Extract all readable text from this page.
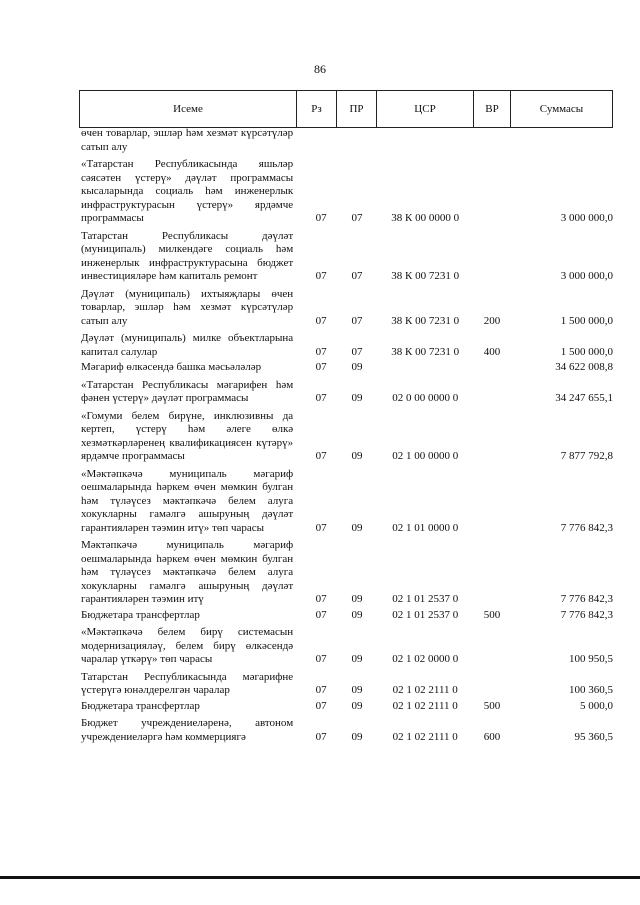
86
Исеме	Рз	ПР	ЦСР	ВР	Суммасы
өчен товарлар, эшләр һәм хезмәт күрсәтүләр сатып алу
«Татарстан Республикасында яшьләр сәясәтен үстерү» дәүләт программасы кысаларында социаль һәм инженерлык инфраструктурасын үстерү» ярдәмче программасы	07	07	38 К 00 0000 0	3 000 000,0
Татарстан Республикасы дәүләт (муниципаль) милкендәге социаль һәм инженерлык инфраструктурасына бюджет инвестицияләре һәм капиталь ремонт	07	07	38 К 00 7231 0	3 000 000,0
Дәүләт (муниципаль) ихтыяҗлары өчен товарлар, эшләр һәм хезмәт күрсәтүләр сатып алу	07	07	38 К 00 7231 0	200	1 500 000,0
Дәүләт (муниципаль) милке объектларына капитал салулар	07	07	38 К 00 7231 0	400	1 500 000,0
Мәгариф өлкәсендә башка мәсьәләләр	07	09	34 622 008,8
«Татарстан Республикасы мәгарифен һәм фәнен үстерү» дәүләт программасы	07	09	02 0 00 0000 0	34 247 655,1
«Гомуми белем бирүне, инклюзивны да кертеп, үстерү һәм әлеге өлкә хезмәткәрләренең квалификациясен күтәрү» ярдәмче программасы	07	09	02 1 00 0000 0	7 877 792,8
«Мәктәпкәчә муниципаль мәгариф оешмаларында һәркем өчен мөмкин булган һәм түләүсез мәктәпкәчә белем алуга хокукларны гамәлгә ашыруның дәүләт гарантияләрен тәэмин итү» төп чарасы	07	09	02 1 01 0000 0	7 776 842,3
Мәктәпкәчә муниципаль мәгариф оешмаларында һәркем өчен мөмкин булган һәм түләүсез мәктәпкәчә белем алуга хокукларны гамәлгә ашыруның дәүләт гарантияләрен тәэмин итү	07	09	02 1 01 2537 0	7 776 842,3
Бюджетара трансфертлар	07	09	02 1 01 2537 0	500	7 776 842,3
«Мәктәпкәчә белем бирү системасын модернизацияләү, белем бирү өлкәсендә чаралар үткәрү» төп чарасы	07	09	02 1 02 0000 0	100 950,5
Татарстан Республикасында мәгарифне үстерүгә юнәлдерелгән чаралар	07	09	02 1 02 2111 0	100 360,5
Бюджетара трансфертлар	07	09	02 1 02 2111 0	500	5 000,0
Бюджет учреждениеләренә, автоном учреждениеләргә һәм коммерциягә	07	09	02 1 02 2111 0	600	95 360,5
